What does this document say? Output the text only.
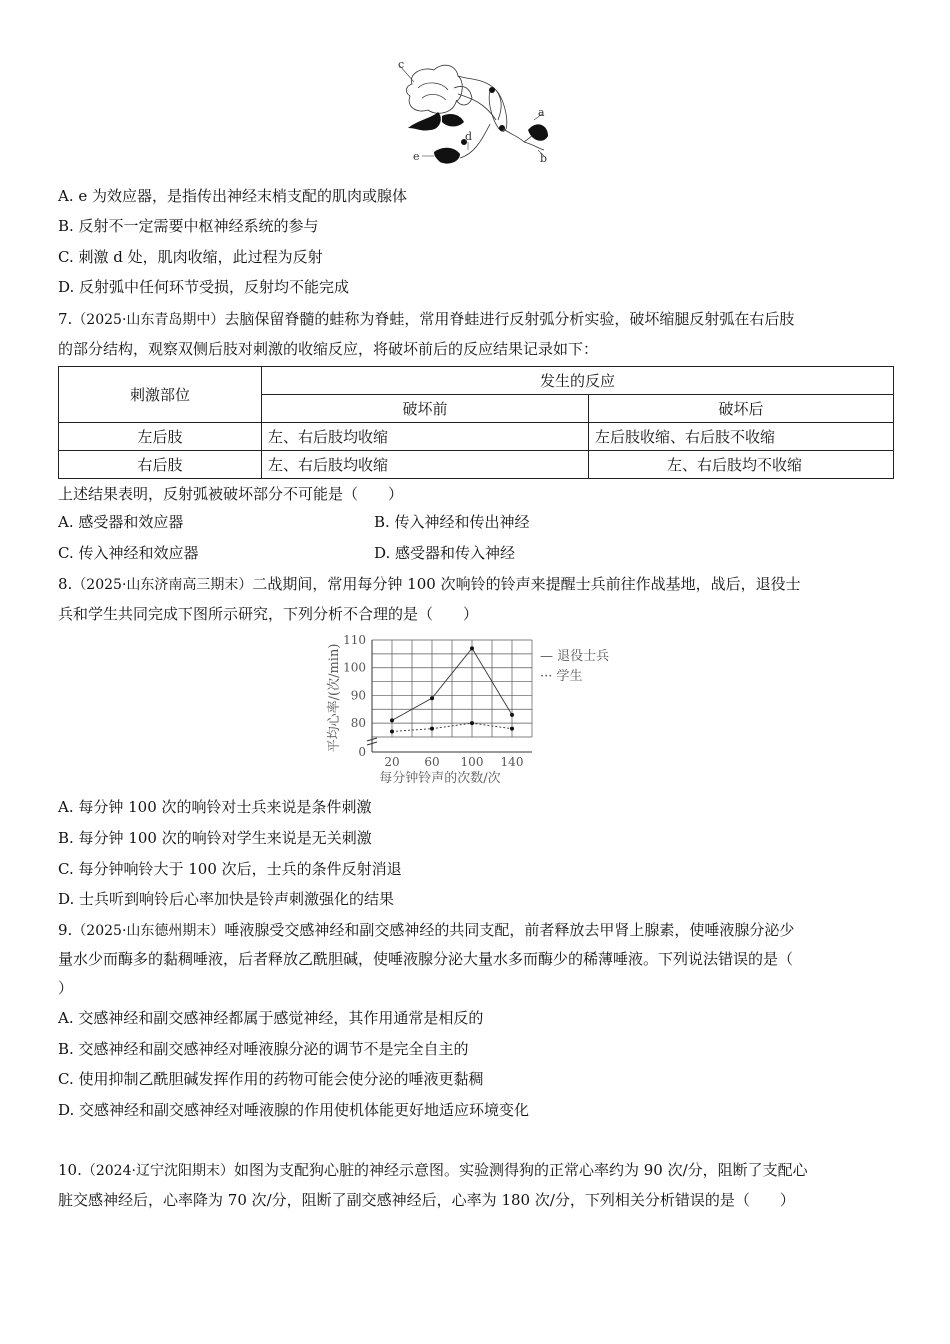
c
d
a
b
e
A. e 为效应器，是指传出神经末梢支配的肌肉或腺体
B. 反射不一定需要中枢神经系统的参与
C. 刺激 d 处，肌肉收缩，此过程为反射
D. 反射弧中任何环节受损，反射均不能完成
7.（2025·山东青岛期中）去脑保留脊髓的蛙称为脊蛙，常用脊蛙进行反射弧分析实验，破坏缩腿反射弧在右后肢
的部分结构，观察双侧后肢对刺激的收缩反应，将破坏前后的反应结果记录如下：
刺激部位	发生的反应	
	破坏前	破坏后
左后肢	左、右后肢均收缩	左后肢收缩、右后肢不收缩
右后肢	左、右后肢均收缩	左、右后肢均不收缩
上述结果表明，反射弧被破坏部分不可能是（　　）
A. 感受器和效应器	B. 传入神经和传出神经
C. 传入神经和效应器	D. 感受器和传入神经
8.（2025·山东济南高三期末）二战期间，常用每分钟 100 次响铃的铃声来提醒士兵前往作战基地，战后，退役士
兵和学生共同完成下图所示研究，下列分析不合理的是（　　）
0
80
90
100
110
20 60 100 140
平均心率/(次/min)
每分钟铃声的次数/次
— 退役士兵
··· 学生
A. 每分钟 100 次的响铃对士兵来说是条件刺激
B. 每分钟 100 次的响铃对学生来说是无关刺激
C. 每分钟响铃大于 100 次后，士兵的条件反射消退
D. 士兵听到响铃后心率加快是铃声刺激强化的结果
9.（2025·山东德州期末）唾液腺受交感神经和副交感神经的共同支配，前者释放去甲肾上腺素，使唾液腺分泌少
量水少而酶多的黏稠唾液，后者释放乙酰胆碱，使唾液腺分泌大量水多而酶少的稀薄唾液。下列说法错误的是（
）
A. 交感神经和副交感神经都属于感觉神经，其作用通常是相反的
B. 交感神经和副交感神经对唾液腺分泌的调节不是完全自主的
C. 使用抑制乙酰胆碱发挥作用的药物可能会使分泌的唾液更黏稠
D. 交感神经和副交感神经对唾液腺的作用使机体能更好地适应环境变化
10.（2024·辽宁沈阳期末）如图为支配狗心脏的神经示意图。实验测得狗的正常心率约为 90 次/分，阻断了支配心
脏交感神经后，心率降为 70 次/分，阻断了副交感神经后，心率为 180 次/分，下列相关分析错误的是（　　）
